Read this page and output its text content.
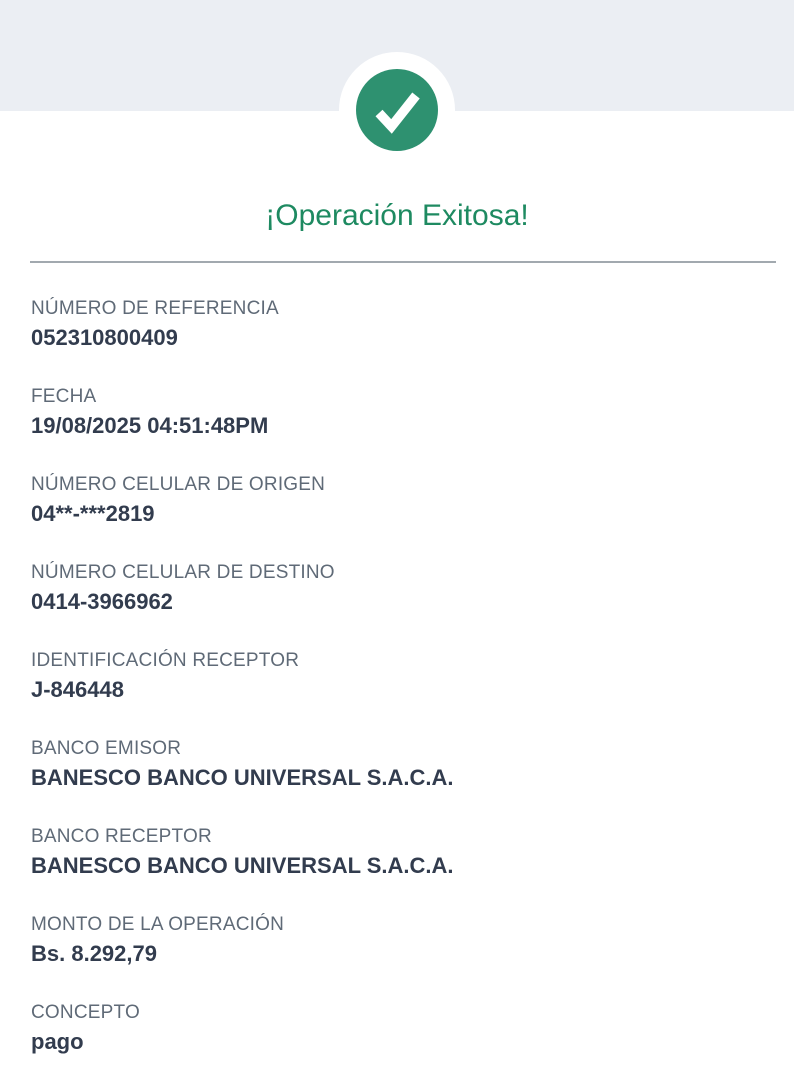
¡Operación Exitosa!
NÚMERO DE REFERENCIA
052310800409
FECHA
19/08/2025 04:51:48PM
NÚMERO CELULAR DE ORIGEN
04**-***2819
NÚMERO CELULAR DE DESTINO
0414-3966962
IDENTIFICACIÓN RECEPTOR
J-846448
BANCO EMISOR
BANESCO BANCO UNIVERSAL S.A.C.A.
BANCO RECEPTOR
BANESCO BANCO UNIVERSAL S.A.C.A.
MONTO DE LA OPERACIÓN
Bs. 8.292,79
CONCEPTO
pago
